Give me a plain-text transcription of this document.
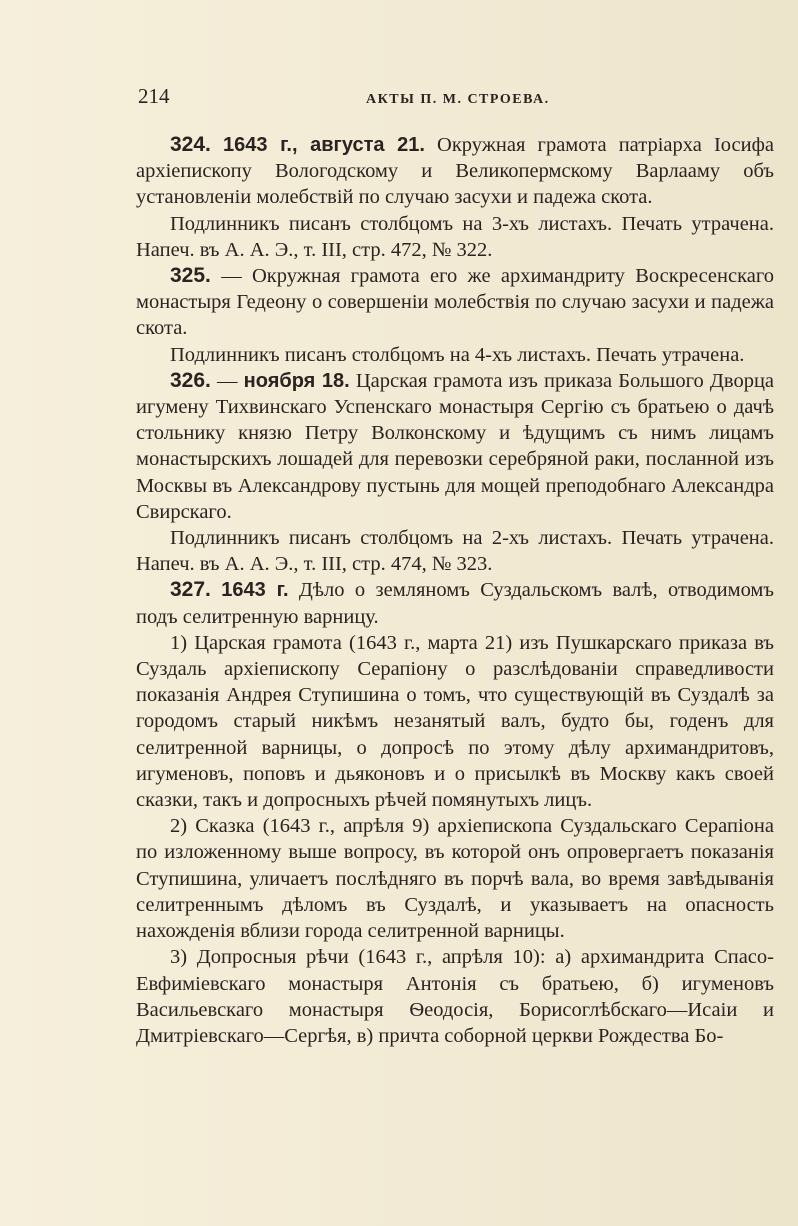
214	АКТЫ П. М. СТРОЕВА.

324. 1643 г., августа 21. Окружная грамота патріарха Іосифа архіепископу Вологодскому и Великопермскому Варлааму объ установленіи молебствій по случаю засухи и падежа скота.

Подлинникъ писанъ столбцомъ на 3-хъ листахъ. Печать утрачена. Напеч. въ А. А. Э., т. III, стр. 472, № 322.

325. — Окружная грамота его же архимандриту Воскресенскаго монастыря Гедеону о совершеніи молебствія по случаю засухи и падежа скота.

Подлинникъ писанъ столбцомъ на 4-хъ листахъ. Печать утрачена.

326. — ноября 18. Царская грамота изъ приказа Большого Дворца игумену Тихвинскаго Успенскаго монастыря Сергію съ братьею о дачѣ стольнику князю Петру Волконскому и ѣдущимъ съ нимъ лицамъ монастырскихъ лошадей для перевозки серебряной раки, посланной изъ Москвы въ Александрову пустынь для мощей преподобнаго Александра Свирскаго.

Подлинникъ писанъ столбцомъ на 2-хъ листахъ. Печать утрачена. Напеч. въ А. А. Э., т. III, стр. 474, № 323.

327. 1643 г. Дѣло о земляномъ Суздальскомъ валѣ, отводимомъ подъ селитренную варницу.

1) Царская грамота (1643 г., марта 21) изъ Пушкарскаго приказа въ Суздаль архіепископу Серапіону о разслѣдованіи справедливости показанія Андрея Ступишина о томъ, что существующій въ Суздалѣ за городомъ старый никѣмъ незанятый валъ, будто бы, годенъ для селитренной варницы, о допросѣ по этому дѣлу архимандритовъ, игуменовъ, поповъ и дьяконовъ и о присылкѣ въ Москву какъ своей сказки, такъ и допросныхъ рѣчей помянутыхъ лицъ.

2) Сказка (1643 г., апрѣля 9) архіепископа Суздальскаго Серапіона по изложенному выше вопросу, въ которой онъ опровергаетъ показанія Ступишина, уличаетъ послѣдняго въ порчѣ вала, во время завѣдыванія селитреннымъ дѣломъ въ Суздалѣ, и указываетъ на опасность нахожденія вблизи города селитренной варницы.

3) Допросныя рѣчи (1643 г., апрѣля 10): а) архимандрита Спасо-Евфиміевскаго монастыря Антонія съ братьею, б) игуменовъ Васильевскаго монастыря Ѳеодосія, Борисоглѣбскаго—Исаіи и Дмитріевскаго—Сергѣя, в) причта соборной церкви Рождества Бо-
